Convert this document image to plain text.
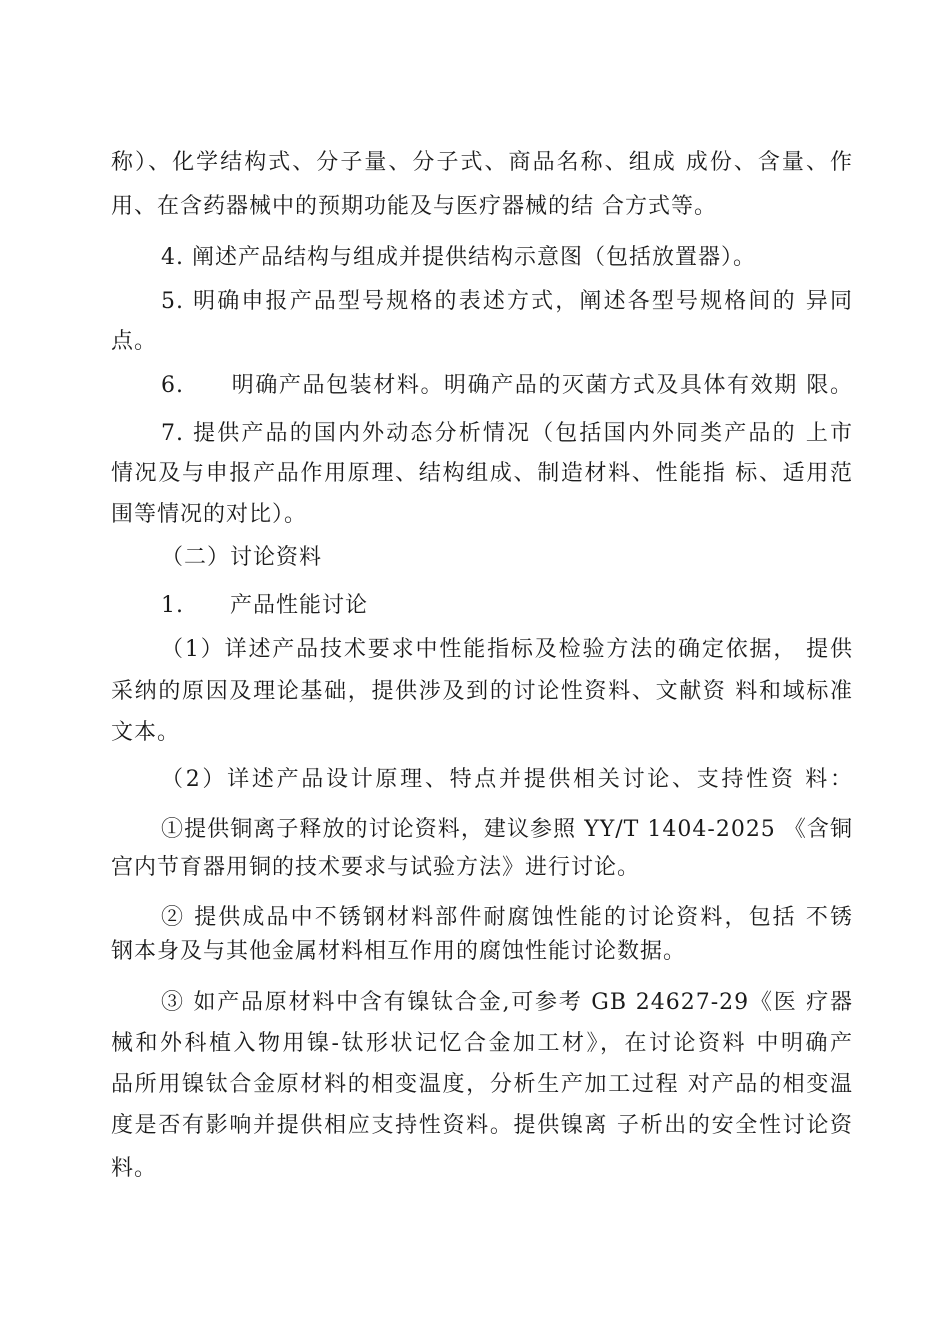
称）、化学结构式、分子量、分子式、商品名称、组成 成份、含量、作
用、在含药器械中的预期功能及与医疗器械的结 合方式等。
4. 阐述产品结构与组成并提供结构示意图（包括放置器）。
5. 明确申报产品型号规格的表述方式，阐述各型号规格间的 异同
点。
6.　　明确产品包装材料。明确产品的灭菌方式及具体有效期 限。
7. 提供产品的国内外动态分析情况（包括国内外同类产品的 上市
情况及与申报产品作用原理、结构组成、制造材料、性能指 标、适用范
围等情况的对比）。
（二）讨论资料
1.　　产品性能讨论
（1）详述产品技术要求中性能指标及检验方法的确定依据， 提供
采纳的原因及理论基础，提供涉及到的讨论性资料、文献资 料和域标准
文本。
（2）详述产品设计原理、特点并提供相关讨论、支持性资 料：
①提供铜离子释放的讨论资料，建议参照 YY/T 1404-2025 《含铜
宫内节育器用铜的技术要求与试验方法》进行讨论。
② 提供成品中不锈钢材料部件耐腐蚀性能的讨论资料，包括 不锈
钢本身及与其他金属材料相互作用的腐蚀性能讨论数据。
③ 如产品原材料中含有镍钛合金,可参考 GB 24627-29《医 疗器
械和外科植入物用镍-钛形状记忆合金加工材》，在讨论资料 中明确产
品所用镍钛合金原材料的相变温度，分析生产加工过程 对产品的相变温
度是否有影响并提供相应支持性资料。提供镍离 子析出的安全性讨论资
料。
